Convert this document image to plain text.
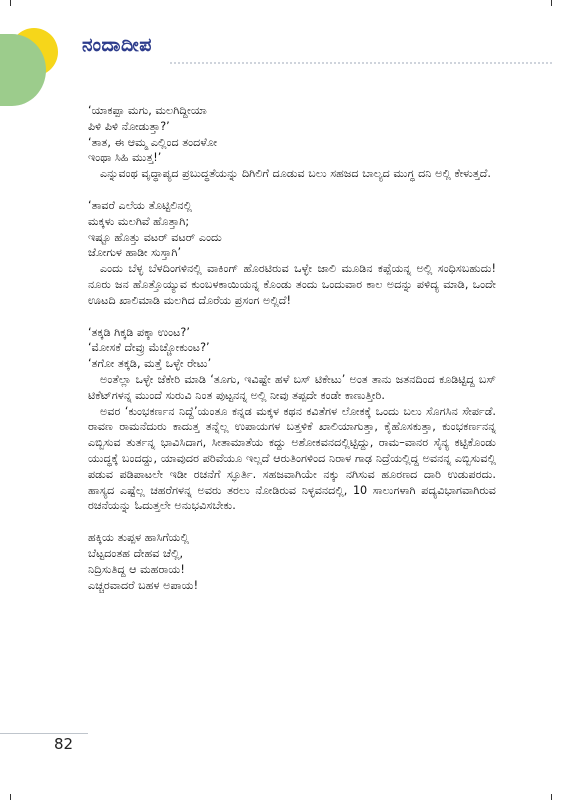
ನಂದಾದೀಪ
‘ಯಾಕಪ್ಪಾ ಮಗು, ಮಲಗಿದ್ದೀಯಾ
ಪಿಳಿ ಪಿಳಿ ನೋಡುತ್ತಾ?’
‘ತಾತ, ಈ ಆಮ್ಮ ಎಲ್ಲಿಂದ ತಂದಳೋ
ಇಂಥಾ ಸಿಹಿ ಮುತ್ತ!’

ಎನ್ನುವಂಥ ವೃದ್ಧಾಪ್ಯದ ಪ್ರಬುದ್ಧತೆಯನ್ನು ದಿಗಿಲಿಗೆ ದೂಡುವ ಬಲು ಸಹಜದ ಬಾಲ್ಯದ ಮುಗ್ಧ ದನಿ ಅಲ್ಲಿ ಕೇಳುತ್ತದೆ.

‘ತಾವರೆ ಎಲೆಯ ತೊಟ್ಟಿಲಿನಲ್ಲಿ
ಮಕ್ಕಳು ಮಲಗಿವೆ ಹೊತ್ತಾಗಿ;
ಇಷ್ಟೂ ಹೊತ್ತು ವಟರ್ ವಟರ್ ಎಂದು
ಜೋಗುಳ ಹಾಡೀ ಸುಸ್ತಾಗಿ’

ಎಂದು ಬೆಳ್ಳ ಬೆಳದಿಂಗಳಿನಲ್ಲಿ ವಾಕಿಂಗ್ ಹೊರಟಿರುವ ಒಳ್ಳೇ ಜಾಲಿ ಮೂಡಿನ ಕಪ್ಪೆಯನ್ನ ಅಲ್ಲಿ ಸಂಧಿಸಬಹುದು! ನೂರು ಜನ ಹೊತ್ತೊಯ್ಯುವ ಕುಂಬಳಕಾಯಿಯನ್ನ ಕೊಂಡು ತಂದು ಒಂದುವಾರ ಕಾಲ ಅದನ್ನು ಪಳಿದ್ಯ ಮಾಡಿ, ಒಂದೇ ಊಟದಿ ಖಾಲಿಮಾಡಿ ಮಲಗಿದ ದೊರೆಯ ಪ್ರಸಂಗ ಅಲ್ಲಿದೆ!

‘ತಕ್ಕಡಿ ಗಿಕ್ಕಡಿ ಪಕ್ಕಾ ಉಂಟ?’
‘ಮೋಸಕೆ ದೇವ್ರು ಮೆಚ್ಚೋಕುಂಟ?’
‘ತಗೋ ತಕ್ಕಡಿ, ಮತ್ತೆ ಒಳ್ಳೇ ರೇಟು’

ಅಂತೆಲ್ಲಾ ಒಳ್ಳೇ ಜೆಕೇರಿ ಮಾಡಿ ‘ತೂಗು, ಇವಿಷ್ಟೇ ಹಳೆ ಬಸ್ ಟಿಕೇಟು’ ಅಂತ ತಾನು ಜತನದಿಂದ ಕೂಡಿಟ್ಟಿದ್ದ ಬಸ್ ಟಿಕೆಟ್‌ಗಳನ್ನ ಮುಂದೆ ಸುರುವಿ ನಿಂತ ಪುಟ್ಟನನ್ನ ಅಲ್ಲಿ ನೀವು ತಪ್ಪದೇ ಕಂಡೇ ಕಾಣುತ್ತೀರಿ.

ಅವರ ‘ಕುಂಭಕರ್ಣನ ನಿದ್ದೆ’ಯಂತೂ ಕನ್ನಡ ಮಕ್ಕಳ ಕಥನ ಕವಿತೆಗಳ ಲೋಕಕ್ಕೆ ಒಂದು ಬಲು ಸೊಗಸಿನ ಸೇರ್ಪಡೆ. ರಾವಣ ರಾಮನೆದುರು ಕಾದುತ್ತ ತನ್ನೆಲ್ಲ ಉಪಾಯಗಳ ಬತ್ತಳಿಕೆ ಖಾಲಿಯಾಗುತ್ತಾ, ಕೈಹೊಸಕುತ್ತಾ, ಕುಂಭಕರ್ಣನನ್ನ ಎಬ್ಬಿಸುವ ತುರ್ತನ್ನ ಭಾವಿಸಿದಾಗ, ಸೀತಾಮಾತೆಯ ಕದ್ದು ಅಶೋಕವನದಲ್ಲಿಟ್ಟಿದ್ದು, ರಾಮ–ವಾನರ ಸೈನ್ಯ ಕಟ್ಟಿಕೊಂಡು ಯುದ್ಧಕ್ಕೆ ಬಂದದ್ದು, ಯಾವುದರ ಪರಿವೆಯೂ ಇಲ್ಲದೆ ಆರುತಿಂಗಳಿಂದ ನಿರಾಳ ಗಾಢ ನಿದ್ರೆಯಲ್ಲಿದ್ದ ಅವನನ್ನ ಎಬ್ಬಿಸುವಲ್ಲಿ ಪಡುವ ಪಡಿಪಾಟಲೇ ಇಡೀ ರಚನೆಗೆ ಸ್ಫೂರ್ತಿ. ಸಹಜವಾಗಿಯೇ ನಕ್ಕು ನಗಿಸುವ ಹೂರಣದ ದಾರಿ ಉಡುಪರದು. ಹಾಸ್ಯದ ಎಷ್ಟೆಲ್ಲ ಚಹರೆಗಳನ್ನ ಅವರು ತರಲು ನೋಡಿರುವ ನಿಳ್ಳವನದಲ್ಲಿ, 10 ಸಾಲುಗಳಾಗಿ ಪದ್ಯವಿಭಾಗವಾಗಿರುವ ರಚನೆಯನ್ನು ಓದುತ್ತಲೇ ಅನುಭವಿಸಬೇಕು.

ಹಕ್ಕಿಯ ತುಪ್ಪಳ ಹಾಸಿಗೆಯಲ್ಲಿ
ಬೆಟ್ಟದಂತಹ ದೇಹವ ಚೆಲ್ಲಿ,
ನಿದ್ರಿಸುತಿದ್ದ ಆ ಮಹರಾಯ!
ಎಚ್ಚರವಾದರೆ ಬಹಳ ಅಪಾಯ!
82
